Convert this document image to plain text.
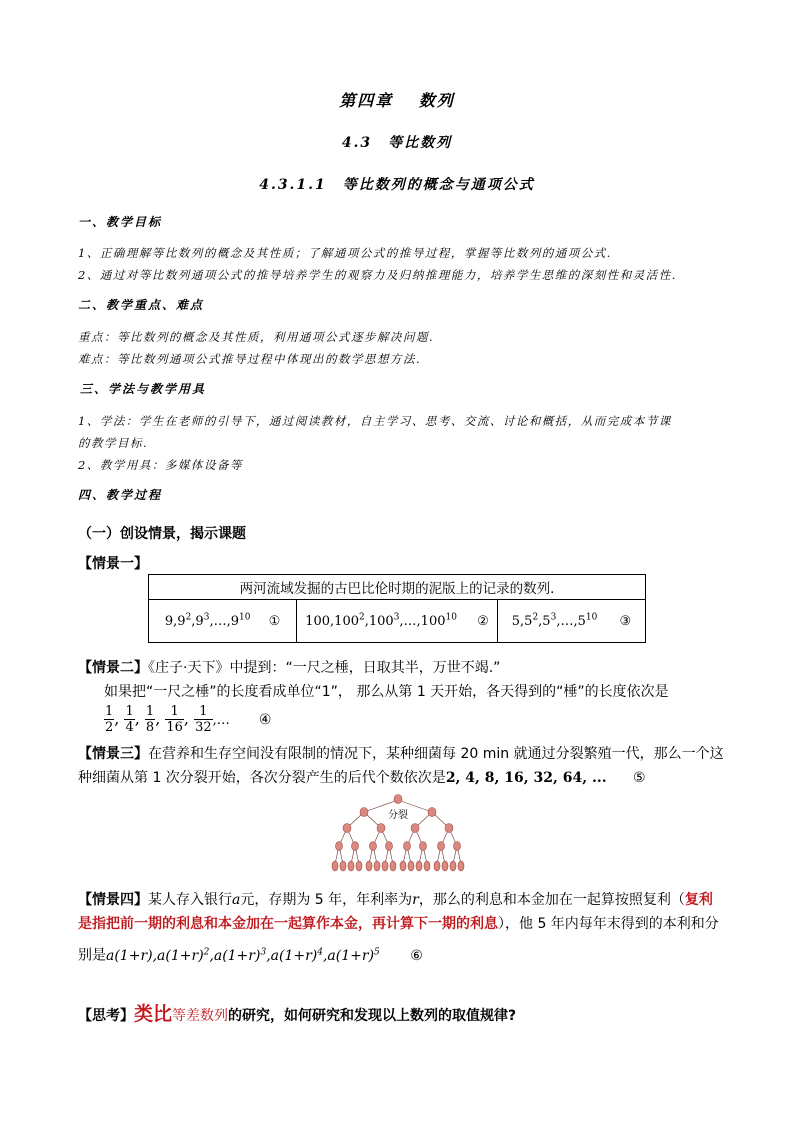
第四章　 数列
4.3　等比数列
4.3.1.1　等比数列的概念与通项公式
一、教学目标
1、正确理解等比数列的概念及其性质；了解通项公式的推导过程，掌握等比数列的通项公式.
2、通过对等比数列通项公式的推导培养学生的观察力及归纳推理能力，培养学生思维的深刻性和灵活性.
二、教学重点、难点
重点：等比数列的概念及其性质，利用通项公式逐步解决问题.
难点：等比数列通项公式推导过程中体现出的数学思想方法.
三、学法与教学用具
1、学法：学生在老师的引导下，通过阅读教材，自主学习、思考、交流、讨论和概括，从而完成本节课
的教学目标.
2、教学用具：多媒体设备等
四、教学过程
（一）创设情景，揭示课题
【情景一】
两河流域发掘的古巴比伦时期的泥版上的记录的数列.
$9,9^2,9^3,\dots,9^{10}$ ①	100,100$^2$,100$^3$,…,100$^{10}$ ②	$5,5^2,5^3,\dots,5^{10}$ ③
【情景二】《庄子·天下》中提到：“一尺之棰，日取其半，万世不竭.”
如果把“一尺之棰”的长度看成单位“1”， 那么从第 1 天开始，各天得到的“棰”的长度依次是
$\frac{1}{2}$ , $\frac{1}{4}$ , $\frac{1}{8}$ , $\frac{1}{16}$ , $\frac{1}{32}$ ,… ④
【情景三】在营养和生存空间没有限制的情况下，某种细菌每 20 min 就通过分裂繁殖一代，那么一个这
种细菌从第 1 次分裂开始，各次分裂产生的后代个数依次是2, 4, 8, 16, 32, 64, ... ⑤
分裂
【情景四】某人存入银行a元，存期为 5 年，年利率为r，那么的利息和本金加在一起算按照复利（复利
是指把前一期的利息和本金加在一起算作本金，再计算下一期的利息），他 5 年内每年末得到的本利和分
别是$a(1+r),a(1+r)^2,a(1+r)^3,a(1+r)^4,a(1+r)^5$ ⑥
【思考】类比等差数列的研究，如何研究和发现以上数列的取值规律?
